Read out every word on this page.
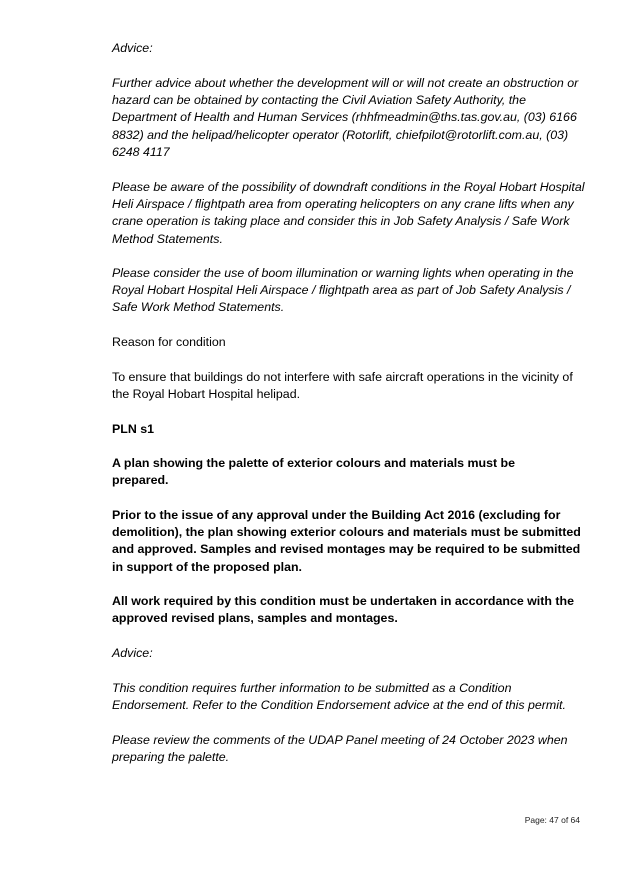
Advice:

Further advice about whether the development will or will not create an obstruction or hazard can be obtained by contacting the Civil Aviation Safety Authority, the Department of Health and Human Services (rhhfmeadmin@ths.tas.gov.au, (03) 6166 8832) and the helipad/helicopter operator (Rotorlift, chiefpilot@rotorlift.com.au, (03) 6248 4117

Please be aware of the possibility of downdraft conditions in the Royal Hobart Hospital Heli Airspace / flightpath area from operating helicopters on any crane lifts when any crane operation is taking place and consider this in Job Safety Analysis / Safe Work Method Statements.

Please consider the use of boom illumination or warning lights when operating in the Royal Hobart Hospital Heli Airspace / flightpath area as part of Job Safety Analysis / Safe Work Method Statements.

Reason for condition

To ensure that buildings do not interfere with safe aircraft operations in the vicinity of the Royal Hobart Hospital helipad.

PLN s1

A plan showing the palette of exterior colours and materials must be prepared.

Prior to the issue of any approval under the Building Act 2016 (excluding for demolition), the plan showing exterior colours and materials must be submitted and approved. Samples and revised montages may be required to be submitted in support of the proposed plan.

All work required by this condition must be undertaken in accordance with the approved revised plans, samples and montages.

Advice:

This condition requires further information to be submitted as a Condition Endorsement. Refer to the Condition Endorsement advice at the end of this permit.

Please review the comments of the UDAP Panel meeting of 24 October 2023 when preparing the palette.

Page: 47 of 64
